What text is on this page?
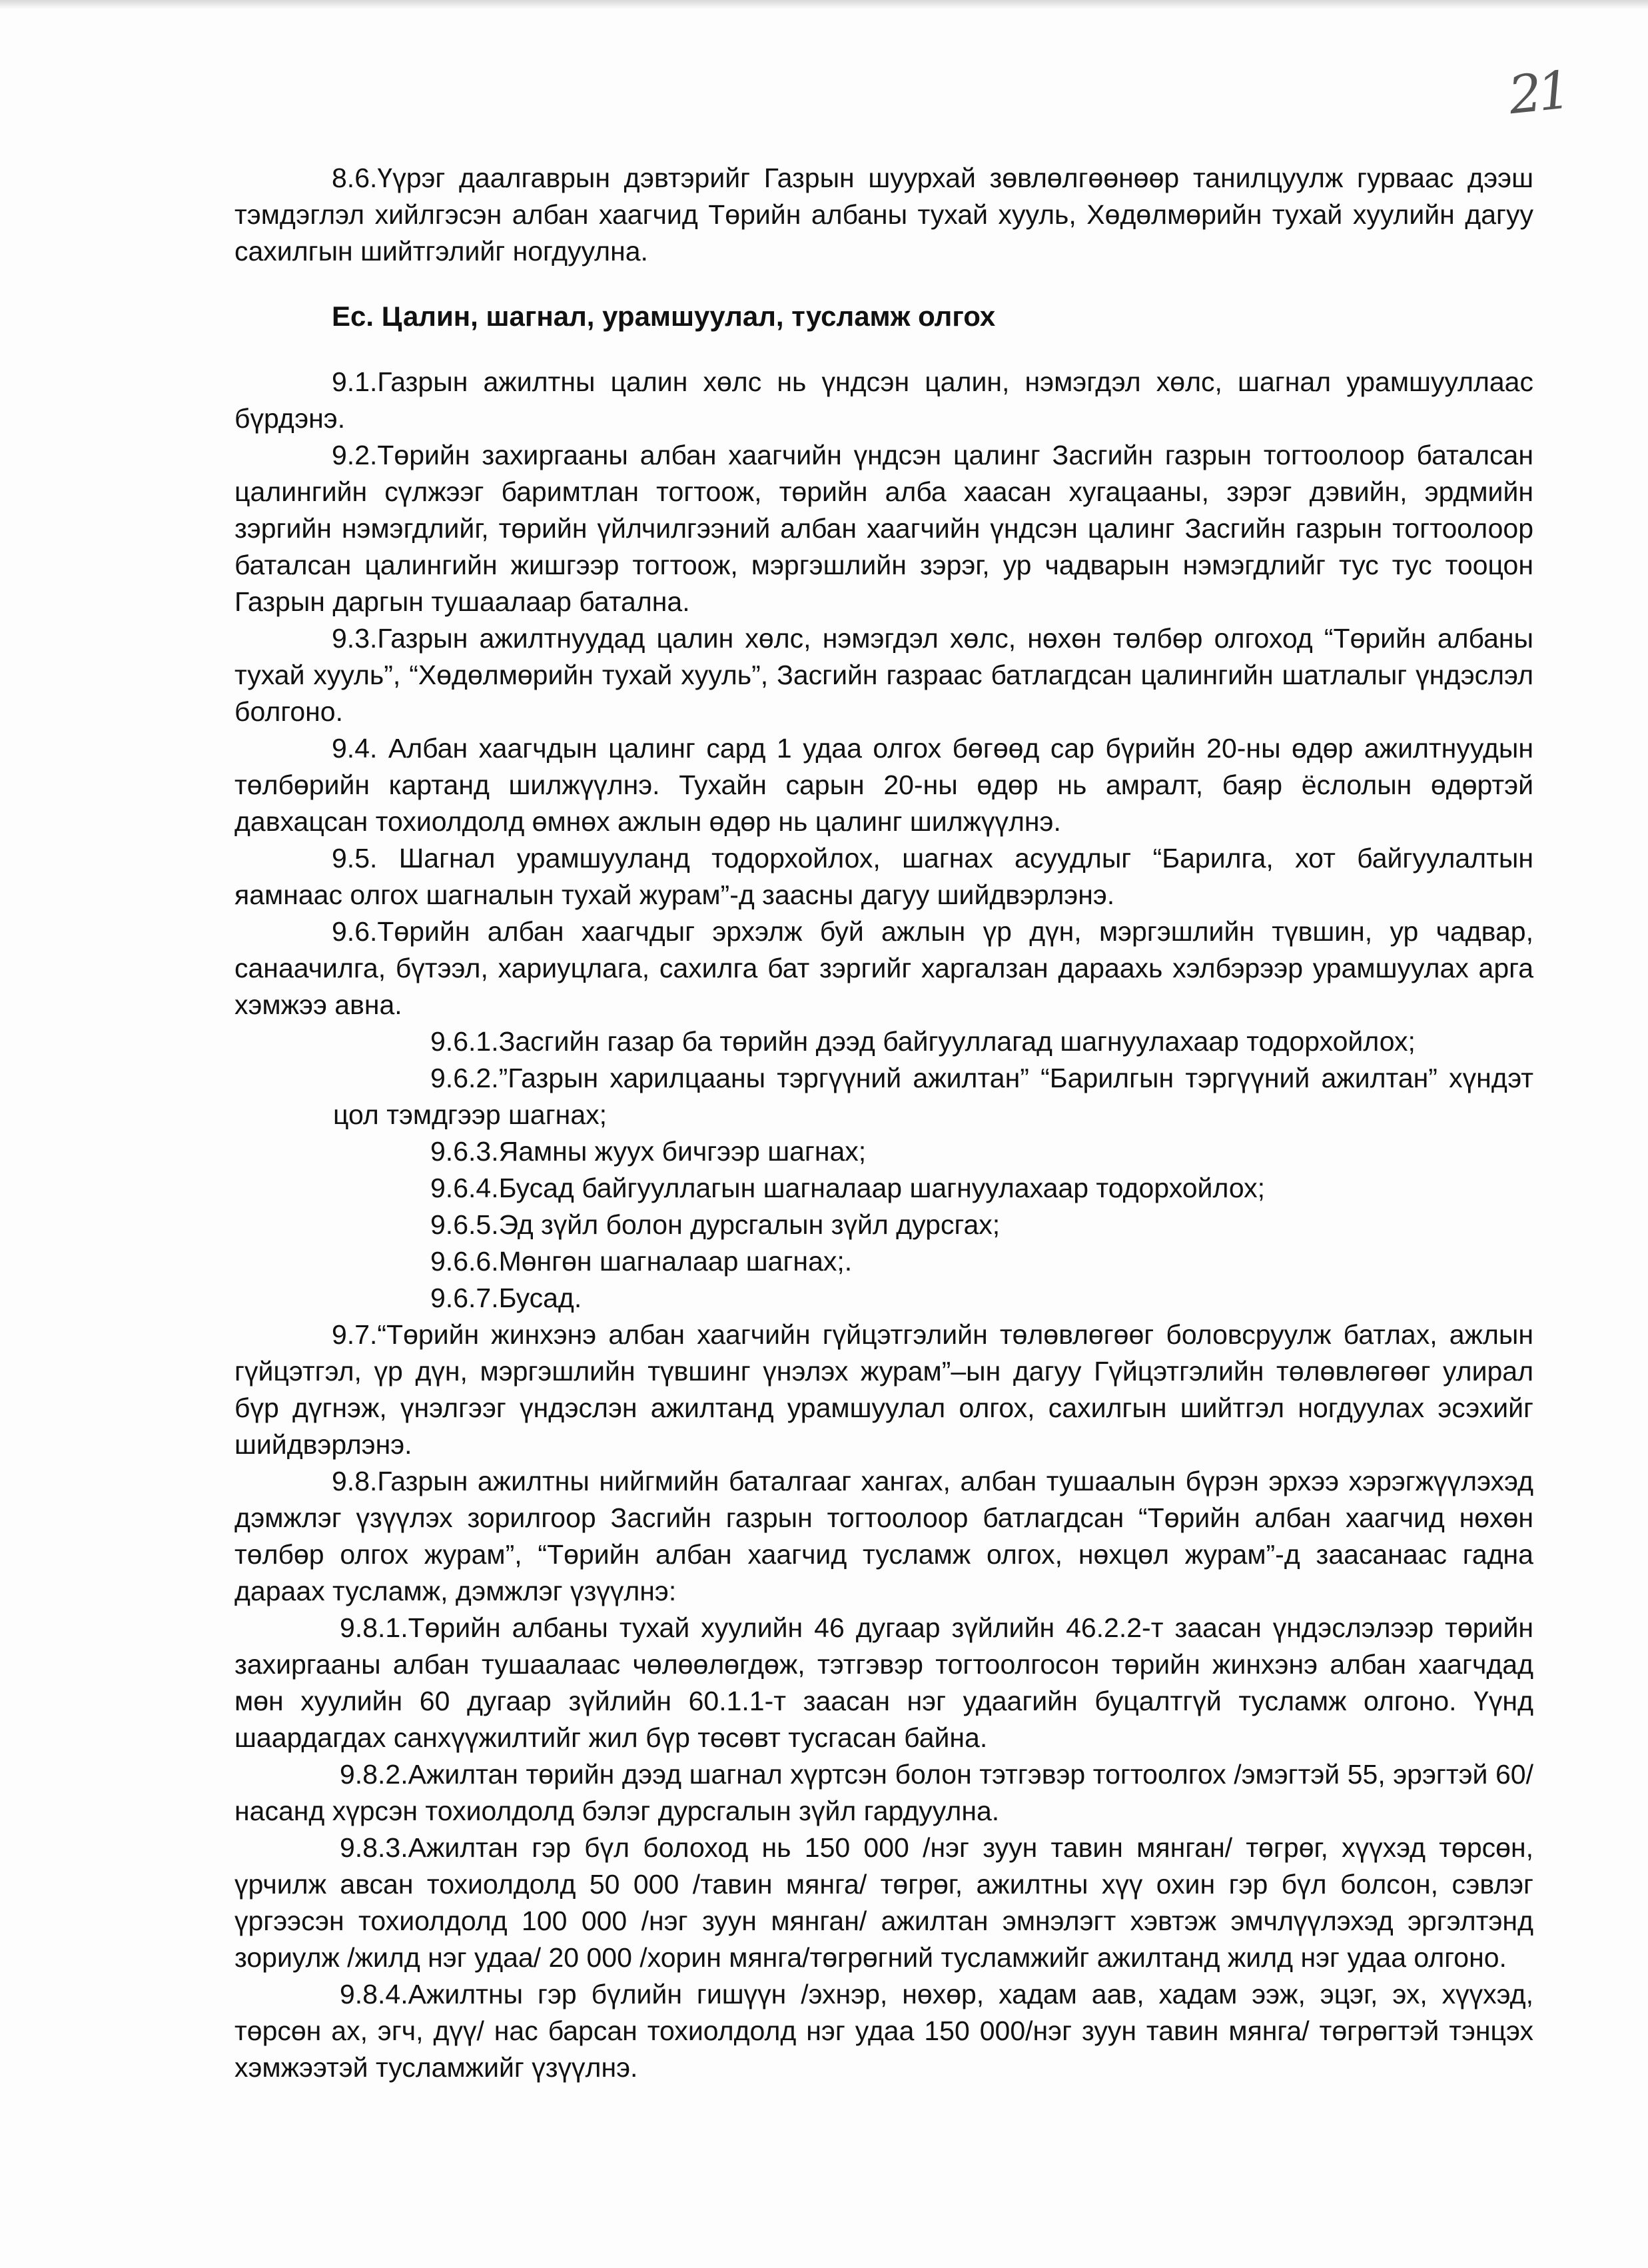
21

8.6.Үүрэг даалгаврын дэвтэрийг Газрын шуурхай зөвлөлгөөнөөр танилцуулж гурваас дээш тэмдэглэл хийлгэсэн албан хаагчид Төрийн албаны тухай хууль, Хөдөлмөрийн тухай хуулийн дагуу сахилгын шийтгэлийг ногдуулна.

Ес. Цалин, шагнал, урамшуулал, тусламж олгох

9.1.Газрын ажилтны цалин хөлс нь үндсэн цалин, нэмэгдэл хөлс, шагнал урамшууллаас бүрдэнэ.

9.2.Төрийн захиргааны албан хаагчийн үндсэн цалинг Засгийн газрын тогтоолоор баталсан цалингийн сүлжээг баримтлан тогтоож, төрийн алба хаасан хугацааны, зэрэг дэвийн, эрдмийн зэргийн нэмэгдлийг, төрийн үйлчилгээний албан хаагчийн үндсэн цалинг Засгийн газрын тогтоолоор баталсан цалингийн жишгээр тогтоож, мэргэшлийн зэрэг, ур чадварын нэмэгдлийг тус тус тооцон Газрын даргын тушаалаар батална.

9.3.Газрын ажилтнуудад цалин хөлс, нэмэгдэл хөлс, нөхөн төлбөр олгоход “Төрийн албаны тухай хууль”, “Хөдөлмөрийн тухай хууль”, Засгийн газраас батлагдсан цалингийн шатлалыг үндэслэл болгоно.

9.4. Албан хаагчдын цалинг сард 1 удаа олгох бөгөөд сар бүрийн 20-ны өдөр ажилтнуудын төлбөрийн картанд шилжүүлнэ. Тухайн сарын 20-ны өдөр нь амралт, баяр ёслолын өдөртэй давхацсан тохиолдолд өмнөх ажлын өдөр нь цалинг шилжүүлнэ.

9.5. Шагнал урамшууланд тодорхойлох, шагнах асуудлыг “Барилга, хот байгуулалтын яамнаас олгох шагналын тухай журам”-д заасны дагуу шийдвэрлэнэ.

9.6.Төрийн албан хаагчдыг эрхэлж буй ажлын үр дүн, мэргэшлийн түвшин, ур чадвар, санаачилга, бүтээл, хариуцлага, сахилга бат зэргийг харгалзан дараахь хэлбэрээр урамшуулах арга хэмжээ авна.

9.6.1.Засгийн газар ба төрийн дээд байгууллагад шагнуулахаар тодорхойлох;

9.6.2.”Газрын харилцааны тэргүүний ажилтан” “Барилгын тэргүүний ажилтан” хүндэт цол тэмдгээр шагнах;

9.6.3.Яамны жуух бичгээр шагнах;

9.6.4.Бусад байгууллагын шагналаар шагнуулахаар тодорхойлох;

9.6.5.Эд зүйл болон дурсгалын зүйл дурсгах;

9.6.6.Мөнгөн шагналаар шагнах;.

9.6.7.Бусад.

9.7.“Төрийн жинхэнэ албан хаагчийн гүйцэтгэлийн төлөвлөгөөг боловсруулж батлах, ажлын гүйцэтгэл, үр дүн, мэргэшлийн түвшинг үнэлэх журам”–ын дагуу Гүйцэтгэлийн төлөвлөгөөг улирал бүр дүгнэж, үнэлгээг үндэслэн ажилтанд урамшуулал олгох, сахилгын шийтгэл ногдуулах эсэхийг шийдвэрлэнэ.

9.8.Газрын ажилтны нийгмийн баталгааг хангах, албан тушаалын бүрэн эрхээ хэрэгжүүлэхэд дэмжлэг үзүүлэх зорилгоор Засгийн газрын тогтоолоор батлагдсан “Төрийн албан хаагчид нөхөн төлбөр олгох журам”, “Төрийн албан хаагчид тусламж олгох, нөхцөл журам”-д заасанаас гадна дараах тусламж, дэмжлэг үзүүлнэ:

9.8.1.Төрийн албаны тухай хуулийн 46 дугаар зүйлийн 46.2.2-т заасан үндэслэлээр төрийн захиргааны албан тушаалаас чөлөөлөгдөж, тэтгэвэр тогтоолгосон төрийн жинхэнэ албан хаагчдад мөн хуулийн 60 дугаар зүйлийн 60.1.1-т заасан нэг удаагийн буцалтгүй тусламж олгоно. Үүнд шаардагдах санхүүжилтийг жил бүр төсөвт тусгасан байна.

9.8.2.Ажилтан төрийн дээд шагнал хүртсэн болон тэтгэвэр тогтоолгох /эмэгтэй 55, эрэгтэй 60/ насанд хүрсэн тохиолдолд бэлэг дурсгалын зүйл гардуулна.

9.8.3.Ажилтан гэр бүл болоход нь 150 000 /нэг зуун тавин мянган/ төгрөг, хүүхэд төрсөн, үрчилж авсан тохиолдолд 50 000 /тавин мянга/ төгрөг, ажилтны хүү охин гэр бүл болсон, сэвлэг үргээсэн тохиолдолд 100 000 /нэг зуун мянган/ ажилтан эмнэлэгт хэвтэж эмчлүүлэхэд эргэлтэнд зориулж /жилд нэг удаа/ 20 000 /хорин мянга/төгрөгний тусламжийг ажилтанд жилд нэг удаа олгоно.

9.8.4.Ажилтны гэр бүлийн гишүүн /эхнэр, нөхөр, хадам аав, хадам ээж, эцэг, эх, хүүхэд, төрсөн ах, эгч, дүү/ нас барсан тохиолдолд нэг удаа 150 000/нэг зуун тавин мянга/ төгрөгтэй тэнцэх хэмжээтэй тусламжийг үзүүлнэ.
